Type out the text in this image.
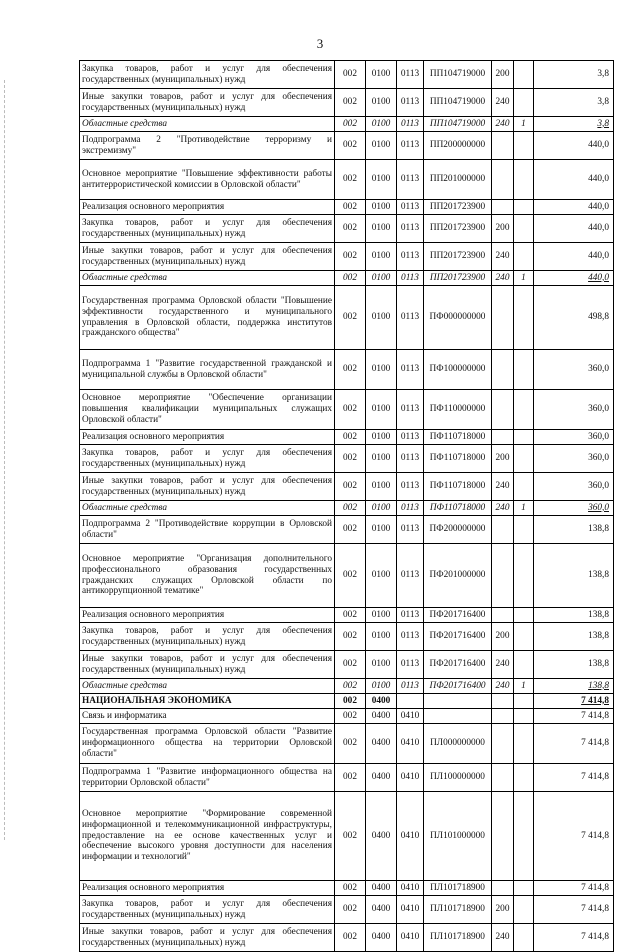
3
Закупка товаров, работ и услуг для обеспечения государственных (муниципальных) нужд	002	0100	0113	ПП104719000	200		3,8
Иные закупки товаров, работ и услуг для обеспечения государственных (муниципальных) нужд	002	0100	0113	ПП104719000	240		3,8
Областные средства	002	0100	0113	ПП104719000	240	1	3,8
Подпрограмма 2 "Противодействие терроризму и экстремизму"	002	0100	0113	ПП200000000			440,0
Основное мероприятие "Повышение эффективности работы антитеррористической комиссии в Орловской области"	002	0100	0113	ПП201000000			440,0
Реализация основного мероприятия	002	0100	0113	ПП201723900			440,0
Закупка товаров, работ и услуг для обеспечения государственных (муниципальных) нужд	002	0100	0113	ПП201723900	200		440,0
Иные закупки товаров, работ и услуг для обеспечения государственных (муниципальных) нужд	002	0100	0113	ПП201723900	240		440,0
Областные средства	002	0100	0113	ПП201723900	240	1	440,0
Государственная программа Орловской области "Повышение эффективности государственного и муниципального управления в Орловской области, поддержка институтов гражданского общества"	002	0100	0113	ПФ000000000			498,8
Подпрограмма 1 "Развитие государственной гражданской и муниципальной службы в Орловской области"	002	0100	0113	ПФ100000000			360,0
Основное мероприятие "Обеспечение организации повышения квалификации муниципальных служащих Орловской области"	002	0100	0113	ПФ110000000			360,0
Реализация основного мероприятия	002	0100	0113	ПФ110718000			360,0
Закупка товаров, работ и услуг для обеспечения государственных (муниципальных) нужд	002	0100	0113	ПФ110718000	200		360,0
Иные закупки товаров, работ и услуг для обеспечения государственных (муниципальных) нужд	002	0100	0113	ПФ110718000	240		360,0
Областные средства	002	0100	0113	ПФ110718000	240	1	360,0
Подпрограмма 2 "Противодействие коррупции в Орловской области"	002	0100	0113	ПФ200000000			138,8
Основное мероприятие "Организация дополнительного профессионального образования государственных гражданских служащих Орловской области по антикоррупционной тематике"	002	0100	0113	ПФ201000000			138,8
Реализация основного мероприятия	002	0100	0113	ПФ201716400			138,8
Закупка товаров, работ и услуг для обеспечения государственных (муниципальных) нужд	002	0100	0113	ПФ201716400	200		138,8
Иные закупки товаров, работ и услуг для обеспечения государственных (муниципальных) нужд	002	0100	0113	ПФ201716400	240		138,8
Областные средства	002	0100	0113	ПФ201716400	240	1	138,8
НАЦИОНАЛЬНАЯ ЭКОНОМИКА	002	0400					7 414,8
Связь и информатика	002	0400	0410				7 414,8
Государственная программа Орловской области "Развитие информационного общества на территории Орловской области"	002	0400	0410	ПЛ000000000			7 414,8
Подпрограмма 1 "Развитие информационного общества на территории Орловской области"	002	0400	0410	ПЛ100000000			7 414,8
Основное мероприятие "Формирование современной информационной и телекоммуникационной инфраструктуры, предоставление на ее основе качественных услуг и обеспечение высокого уровня доступности для населения информации и технологий"	002	0400	0410	ПЛ101000000			7 414,8
Реализация основного мероприятия	002	0400	0410	ПЛ101718900			7 414,8
Закупка товаров, работ и услуг для обеспечения государственных (муниципальных) нужд	002	0400	0410	ПЛ101718900	200		7 414,8
Иные закупки товаров, работ и услуг для обеспечения государственных (муниципальных) нужд	002	0400	0410	ПЛ101718900	240		7 414,8
